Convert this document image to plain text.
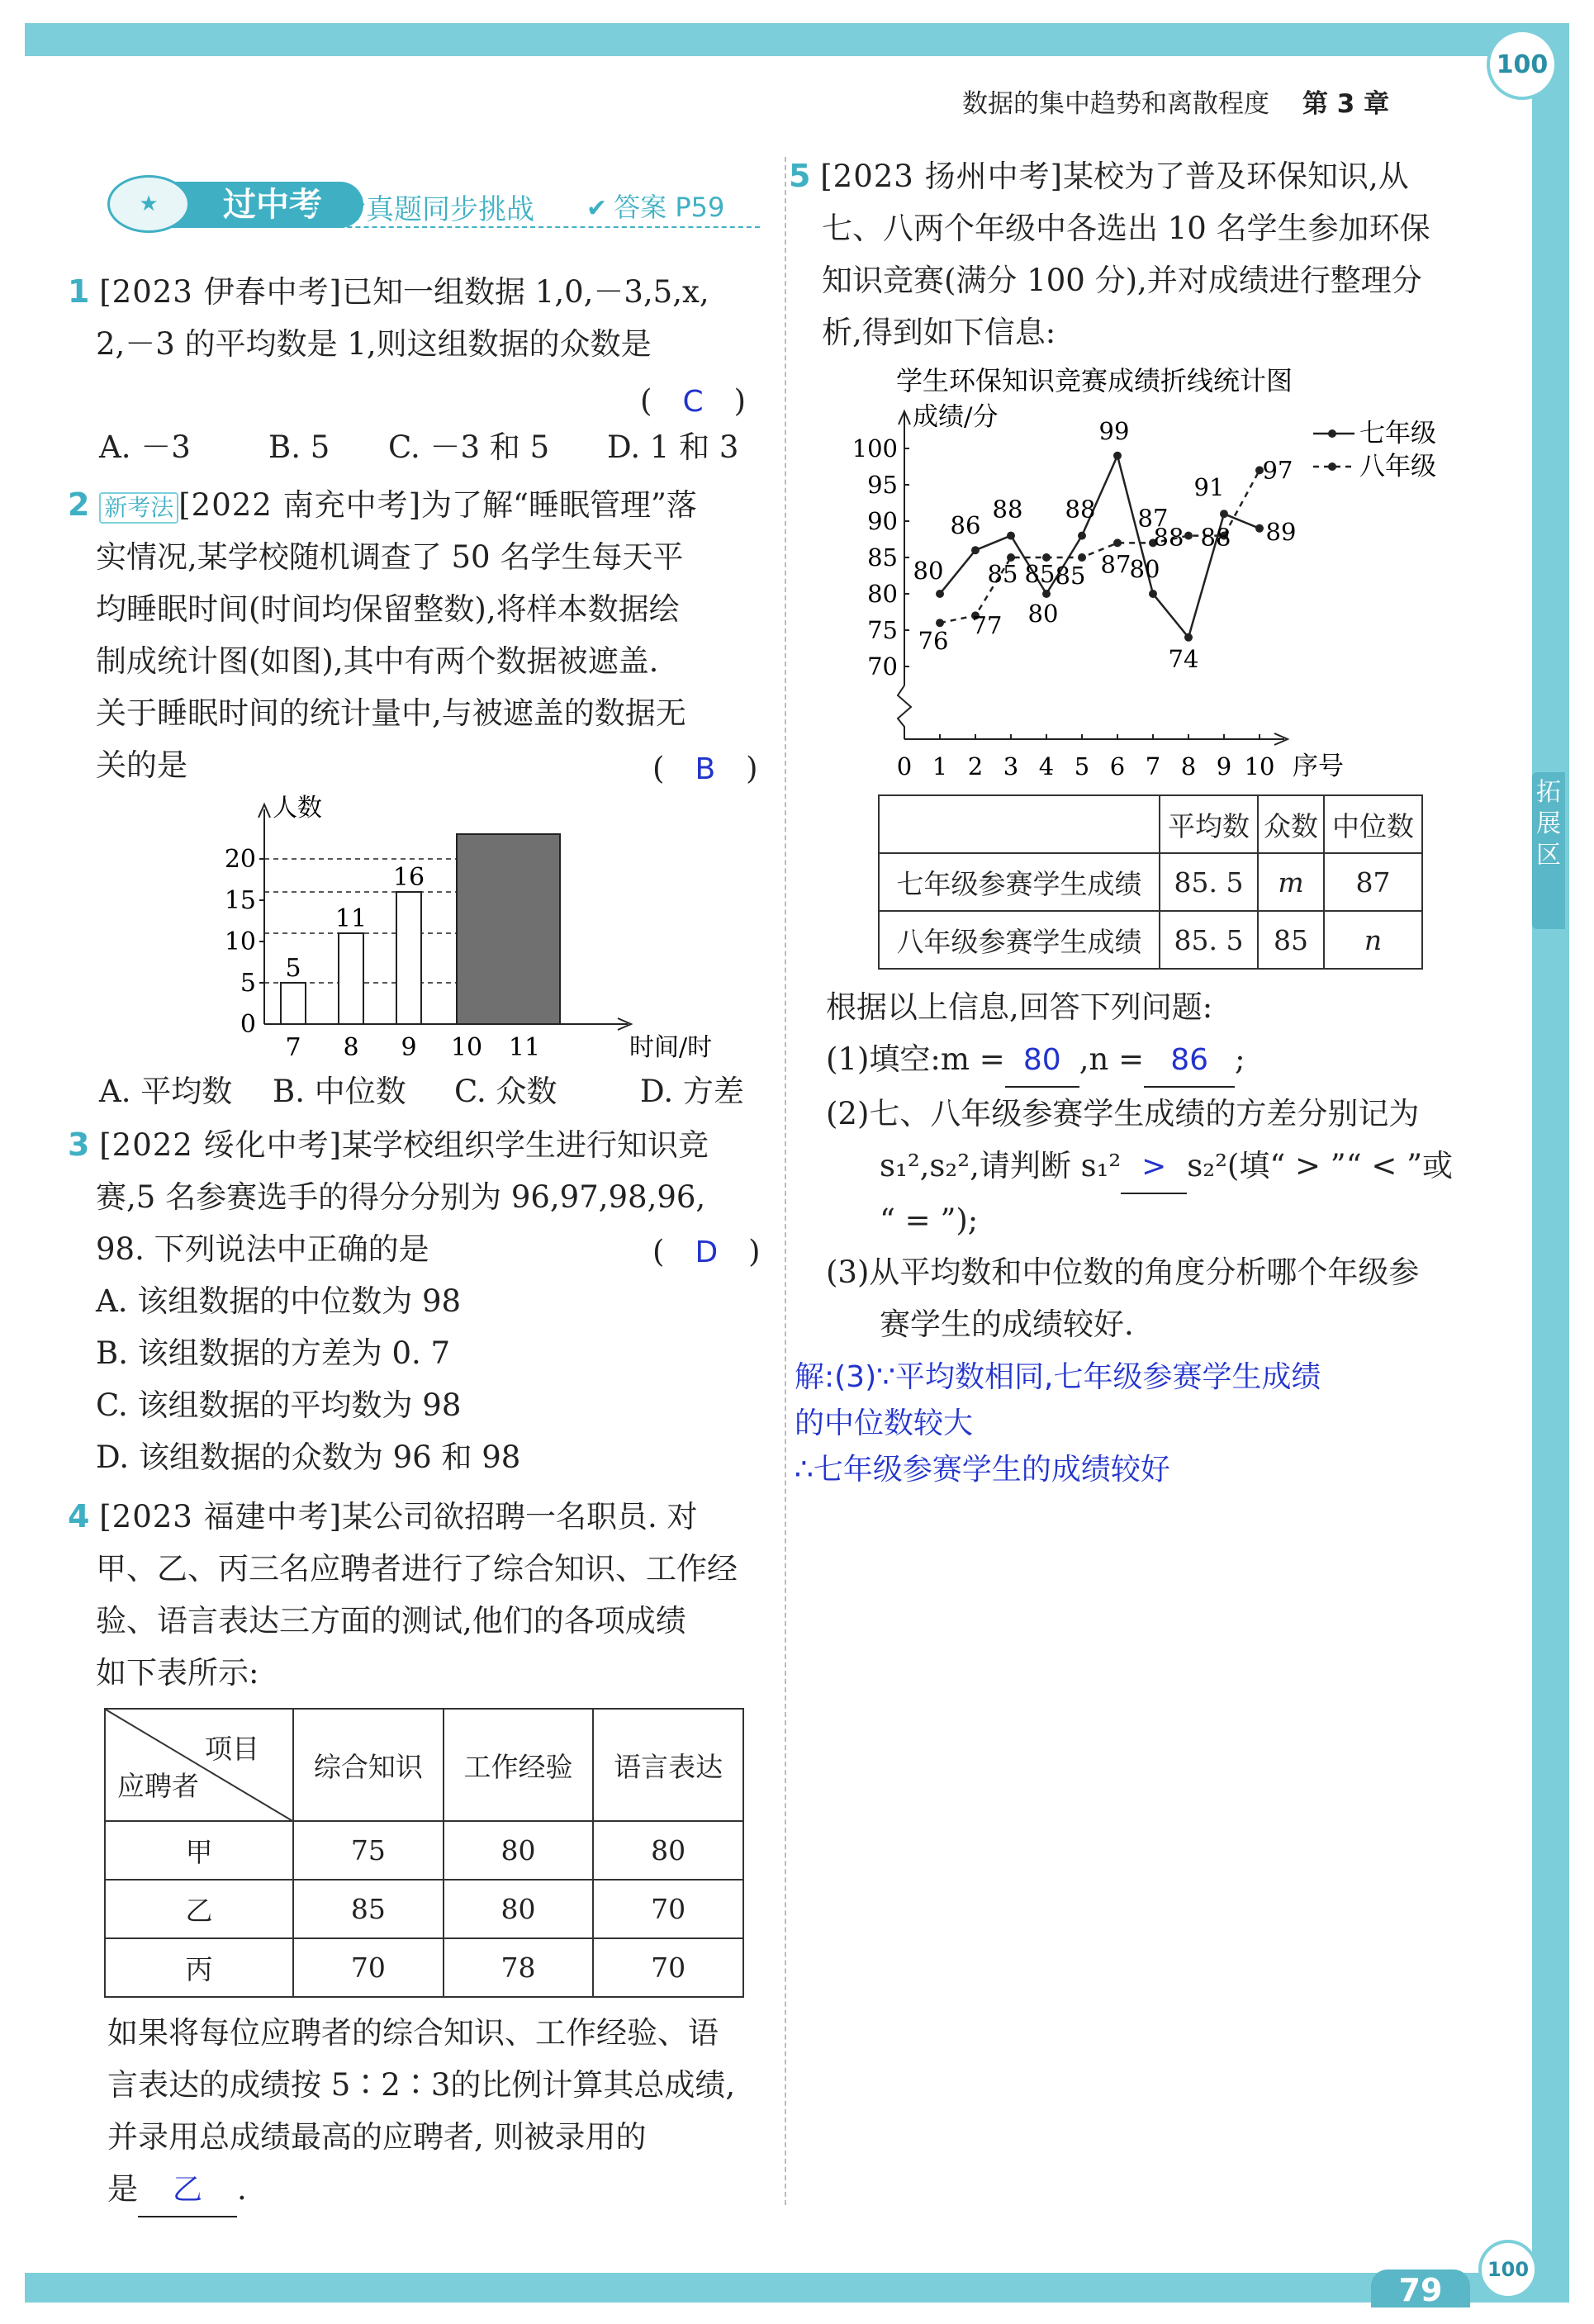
100
100
数据的集中趋势和离散程度 第 3 章
拓展区
79
过中考
★	中考真题同步挑战 ✔ 答案 P59
1 [2023 伊春中考]已知一组数据 1,0,－3,5,x,
2,－3 的平均数是 1,则这组数据的众数是
(　C　)
A. －3	B. 5 C. －3 和 5 D. 1 和 3
2 新考法 [2022 南充中考]为了解“睡眠管理”落
实情况,某学校随机调查了 50 名学生每天平
均睡眠时间(时间均保留整数),将样本数据绘
制成统计图(如图),其中有两个数据被遮盖.
关于睡眠时间的统计量中,与被遮盖的数据无
关的是	(　B　)
人数
时间/时
0
5
10
15
20
7 8 9 10 11
5
11
16
A. 平均数 B. 中位数 C. 众数	D. 方差
3 [2022 绥化中考]某学校组织学生进行知识竞
赛,5 名参赛选手的得分分别为 96,97,98,96,
98. 下列说法中正确的是
A. 该组数据的中位数为 98
B. 该组数据的方差为 0. 7
C. 该组数据的平均数为 98
D. 该组数据的众数为 96 和 98
(　D　)
4 [2023 福建中考]某公司欲招聘一名职员. 对
甲、乙、丙三名应聘者进行了综合知识、工作经
验、语言表达三方面的测试,他们的各项成绩
如下表所示:
项目
应聘者	综合知识	工作经验	语言表达
甲	75	80	80
乙	85	80	70
丙	70	78	70
如果将每位应聘者的综合知识、工作经验、语
言表达的成绩按 5∶2∶3的比例计算其总成绩,
并录用总成绩最高的应聘者, 则被录用的
是 乙 .
5 [2023 扬州中考]某校为了普及环保知识,从
七、八两个年级中各选出 10 名学生参加环保
知识竞赛(满分 100 分),并对成绩进行整理分
析,得到如下信息:
学生环保知识竞赛成绩折线统计图
成绩/分
序号
70
75
80
85
90
95
100
0 1 2 3 4 5 6 7 8 9 10
80
86
88
80
88
99
80
74
91
89
七年级
76
77
85 85 85 87
87
88 88
97	八年级
	平均数	众数	中位数
七年级参赛学生成绩	85. 5	m	87
八年级参赛学生成绩	85. 5	85	n
根据以上信息,回答下列问题:
(1)填空:m = 80 ,n = 86 ;
(2)七、八年级参赛学生成绩的方差分别记为
s₁²,s₂²,请判断 s₁² > s₂²(填“ > ”“ < ”或
“ = ”);
(3)从平均数和中位数的角度分析哪个年级参
赛学生的成绩较好.
解:(3)∵平均数相同,七年级参赛学生成绩
的中位数较大
∴七年级参赛学生的成绩较好
